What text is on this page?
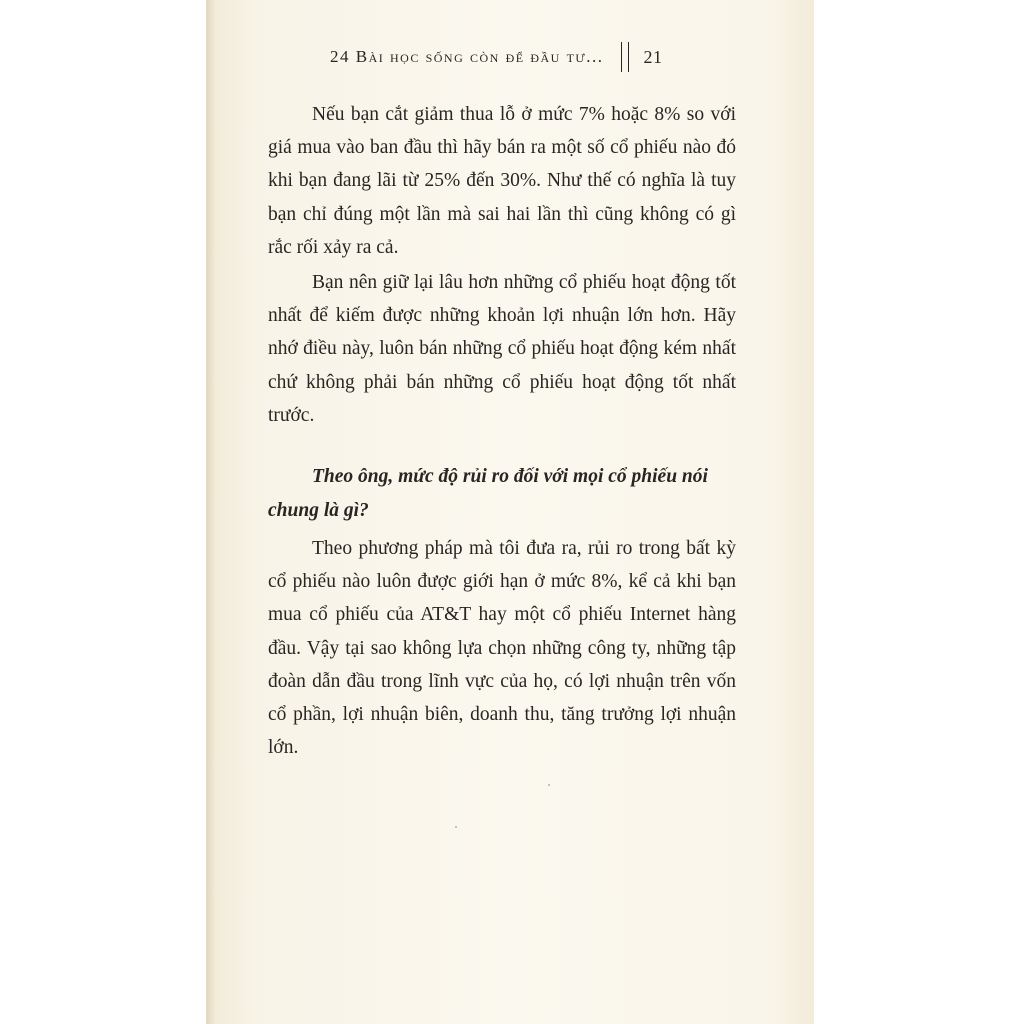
24 Bài học sống còn để đầu tư... 21

Nếu bạn cắt giảm thua lỗ ở mức 7% hoặc 8% so với giá mua vào ban đầu thì hãy bán ra một số cổ phiếu nào đó khi bạn đang lãi từ 25% đến 30%. Như thế có nghĩa là tuy bạn chỉ đúng một lần mà sai hai lần thì cũng không có gì rắc rối xảy ra cả.

Bạn nên giữ lại lâu hơn những cổ phiếu hoạt động tốt nhất để kiếm được những khoản lợi nhuận lớn hơn. Hãy nhớ điều này, luôn bán những cổ phiếu hoạt động kém nhất chứ không phải bán những cổ phiếu hoạt động tốt nhất trước.

Theo ông, mức độ rủi ro đối với mọi cổ phiếu nói chung là gì?

Theo phương pháp mà tôi đưa ra, rủi ro trong bất kỳ cổ phiếu nào luôn được giới hạn ở mức 8%, kể cả khi bạn mua cổ phiếu của AT&T hay một cổ phiếu Internet hàng đầu. Vậy tại sao không lựa chọn những công ty, những tập đoàn dẫn đầu trong lĩnh vực của họ, có lợi nhuận trên vốn cổ phần, lợi nhuận biên, doanh thu, tăng trưởng lợi nhuận lớn.
